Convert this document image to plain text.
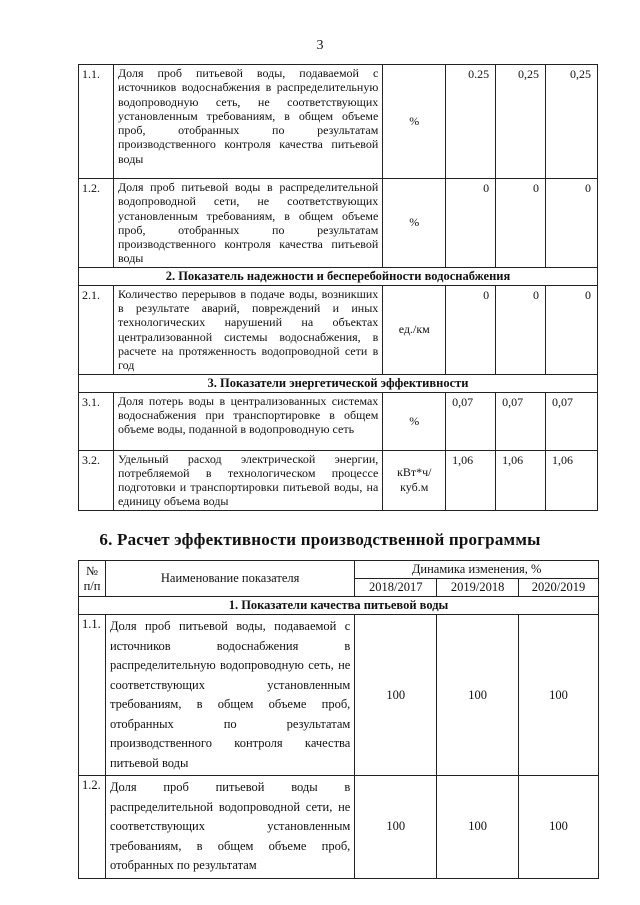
3
1.1.	Доля проб питьевой воды, подаваемой с источников водоснабжения в распределительную водопроводную сеть, не соответствующих установленным требованиям, в общем объеме проб, отобранных по результатам производственного контроля качества питьевой воды	%	0.25	0,25	0,25
1.2.	Доля проб питьевой воды в распределительной водопроводной сети, не соответствующих установленным требованиям, в общем объеме проб, отобранных по результатам производственного контроля качества питьевой воды	%	0	0	0
2. Показатель надежности и бесперебойности водоснабжения					
2.1.	Количество перерывов в подаче воды, возникших в результате аварий, повреждений и иных технологических нарушений на объектах централизованной системы водоснабжения, в расчете на протяженность водопроводной сети в год	ед./км	0	0	0
3. Показатели энергетической эффективности					
3.1.	Доля потерь воды в централизованных системах водоснабжения при транспортировке в общем объеме воды, поданной в водопроводную сеть	%	0,07	0,07	0,07
3.2.	Удельный расход электрической энергии, потребляемой в технологическом процессе подготовки и транспортировки питьевой воды, на единицу объема воды	кВт*ч/куб.м	1,06	1,06	1,06
6. Расчет эффективности производственной программы
№ п/п	Наименование показателя	Динамика изменения, %		
		2018/2017	2019/2018	2020/2019
1. Показатели качества питьевой воды				
1.1.	Доля проб питьевой воды, подаваемой с источников водоснабжения в распределительную водопроводную сеть, не соответствующих установленным требованиям, в общем объеме проб, отобранных по результатам производственного контроля качества питьевой воды	100	100	100
1.2.	Доля проб питьевой воды в распределительной водопроводной сети, не соответствующих установленным требованиям, в общем объеме проб, отобранных по результатам	100	100	100
